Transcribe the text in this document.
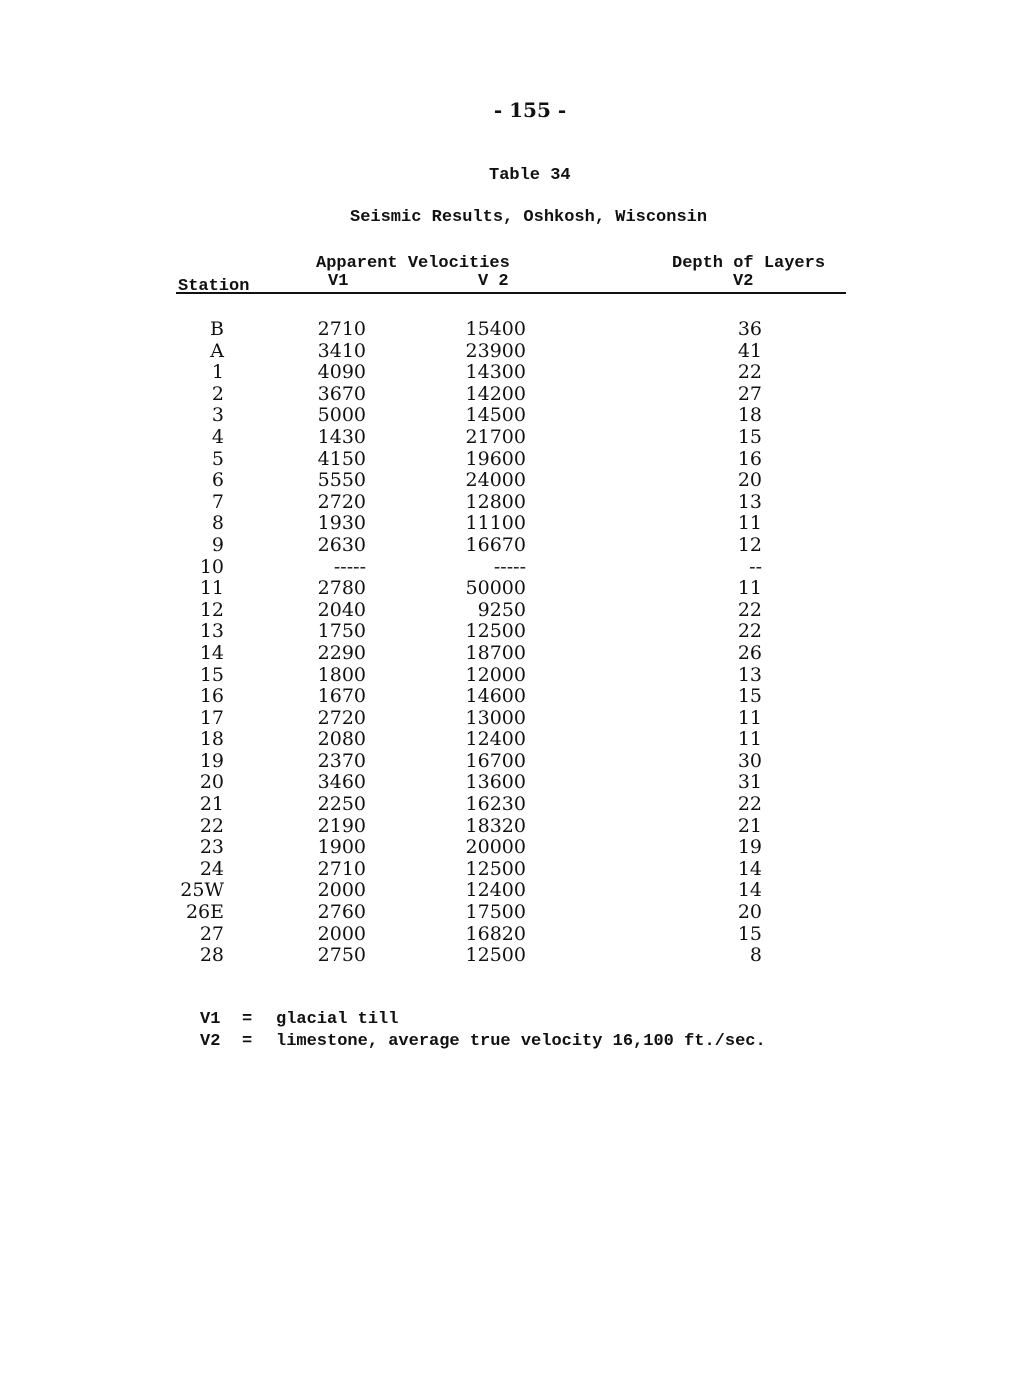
- 155 -
Table 34
Seismic Results, Oshkosh, Wisconsin
Apparent Velocities	Depth of Layers
Station	V1	V 2	V2
B	2710	15400	36
A	3410	23900	41
1	4090	14300	22
2	3670	14200	27
3	5000	14500	18
4	1430	21700	15
5	4150	19600	16
6	5550	24000	20
7	2720	12800	13
8	1930	11100	11
9	2630	16670	12
10	-----	-----	--
11	2780	50000	11
12	2040	9250	22
13	1750	12500	22
14	2290	18700	26
15	1800	12000	13
16	1670	14600	15
17	2720	13000	11
18	2080	12400	11
19	2370	16700	30
20	3460	13600	31
21	2250	16230	22
22	2190	18320	21
23	1900	20000	19
24	2710	12500	14
25W	2000	12400	14
26E	2760	17500	20
27	2000	16820	15
28	2750	12500	8
V1 = glacial till
V2 = limestone, average true velocity 16,100 ft./sec.
